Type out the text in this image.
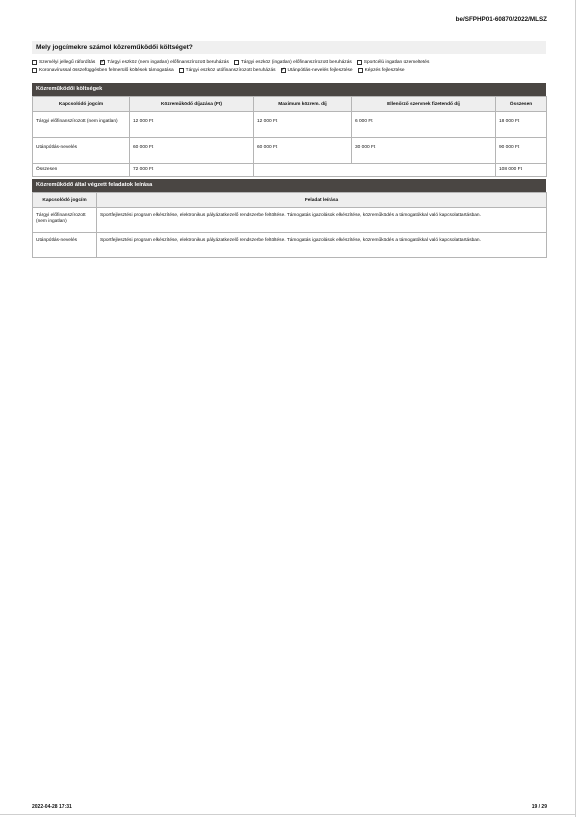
be/SFPHP01-60870/2022/MLSZ
Mely jogcímekre számol közreműködői költséget?
Személyi jellegű ráfordítás ✓	Tárgyi eszköz (nem ingatlan) előfinanszírozott beruházás	Tárgyi eszköz (ingatlan) előfinanszírozott beruházás	Sportcélú ingatlan üzemeltetés
Koronavírussal összefüggésben felmerülő költések támogatása	Tárgyi eszköz utófinanszírozott beruházás ✓	Utánpótlás-nevelés fejlesztése	Képzés fejlesztése
Közreműködői költségek
Kapcsolódó jogcím	Közreműködő díjazása (Ft)	Maximum közrem. díj	Ellenőrző szervnek fizetendő díj	Összesen
Tárgyi előfinanszírozott (nem ingatlan)	12 000 Ft	12 000 Ft	6 000 Ft	18 000 Ft
Utánpótlás-nevelés	60 000 Ft	60 000 Ft	30 000 Ft	90 000 Ft
Összesen	72 000 Ft			108 000 Ft
Közreműködő által végzett feladatok leírása
Kapcsolódó jogcím	Feladat leírása
Tárgyi előfinanszírozott (nem ingatlan)	Sportfejlesztési program elkészítése, elektronikus pályázatkezelő rendszerbe feltöltése. Támogatás igazolások elkészítése, közreműködés a támogatókkal való kapcsolattartásban.
Utánpótlás-nevelés	Sportfejlesztési program elkészítése, elektronikus pályázatkezelő rendszerbe feltöltése. Támogatás igazolások elkészítése, közreműködés a támogatókkal való kapcsolattartásban.
2022-04-28 17:31	19 / 29
